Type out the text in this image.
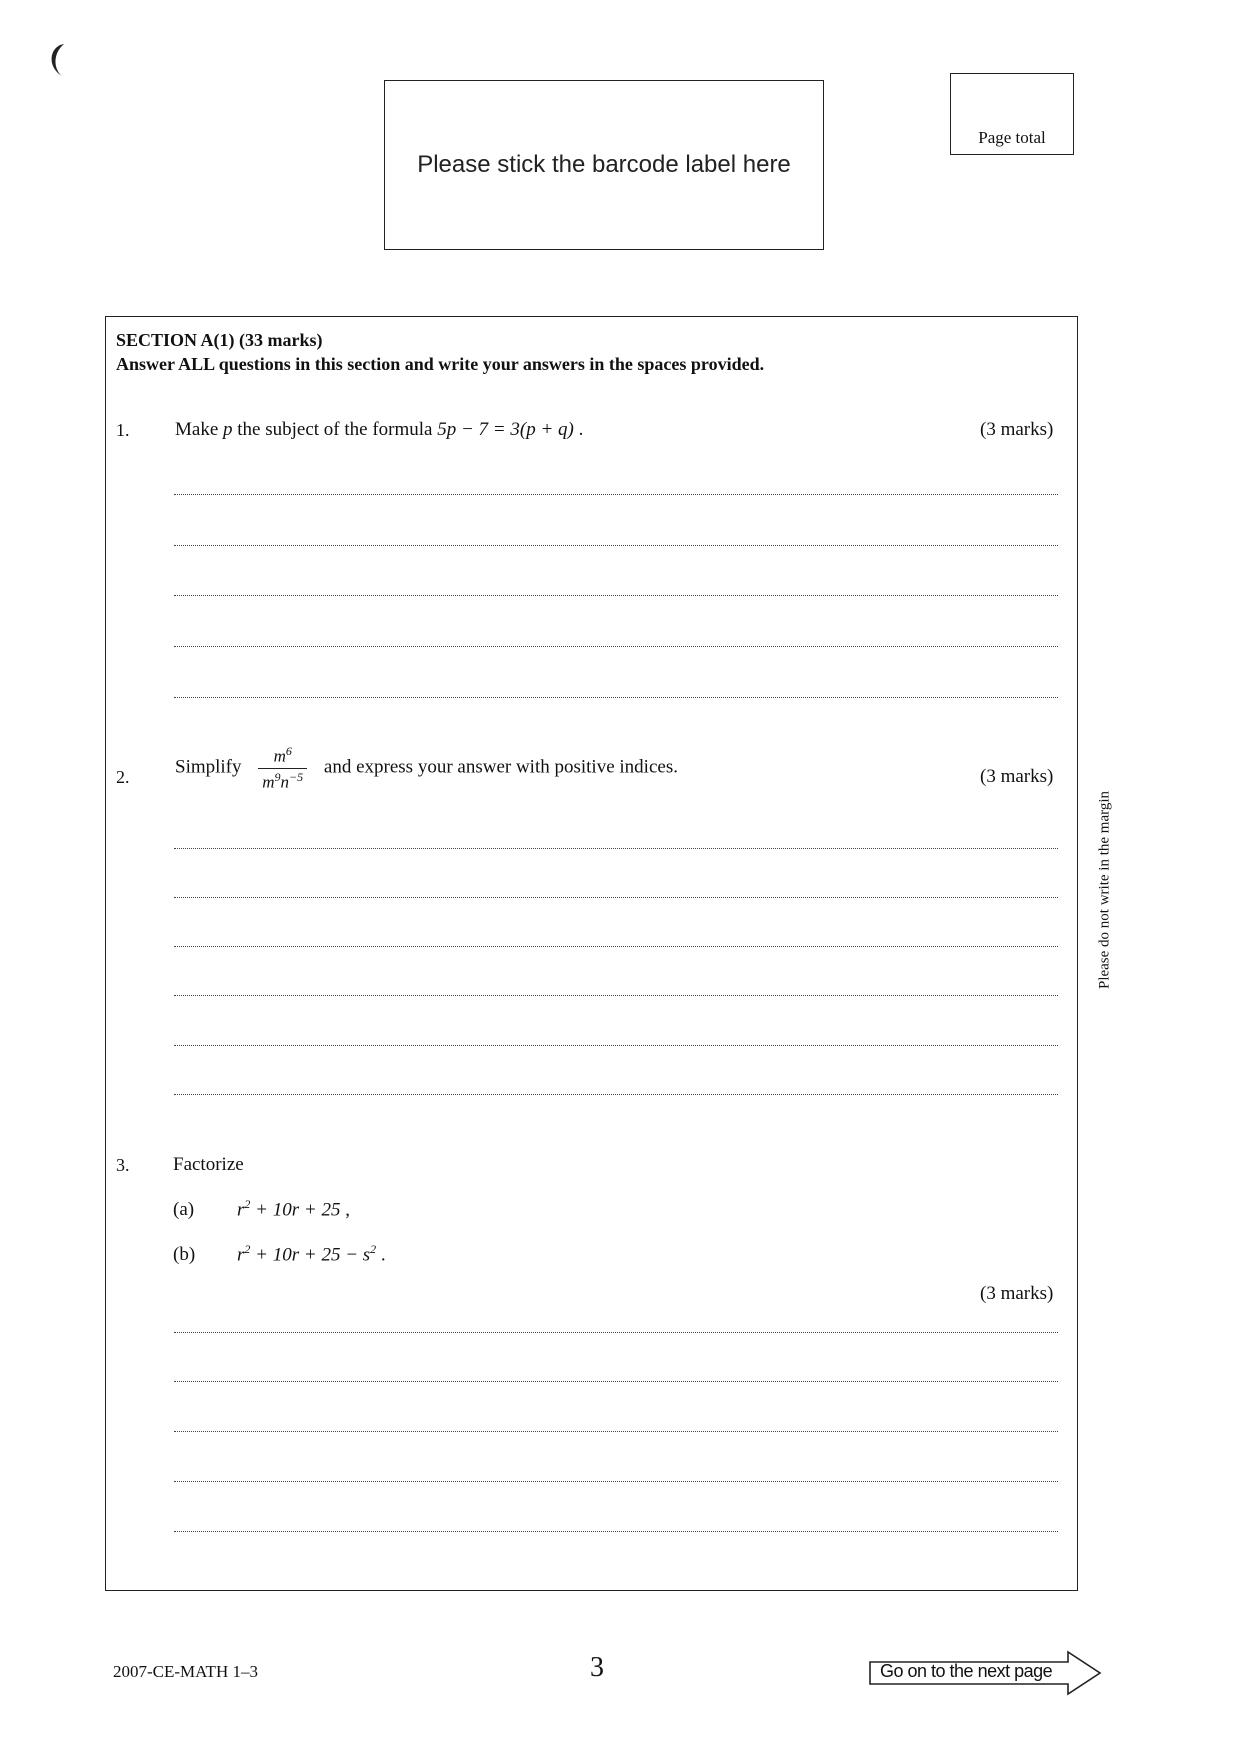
Please stick the barcode label here
Page total
SECTION A(1) (33 marks)
Answer ALL questions in this section and write your answers in the spaces provided.
1. Make p the subject of the formula 5p − 7 = 3(p + q) .	(3 marks)
2. Simplify $\frac{m^6}{m^9n^{-5}}$ and express your answer with positive indices.	(3 marks)
3. Factorize
(a) $r^2 + 10r + 25$ ,
(b) $r^2 + 10r + 25 - s^2$ .
(3 marks)
Please do not write in the margin
2007-CE-MATH 1–3	3	Go on to the next page
